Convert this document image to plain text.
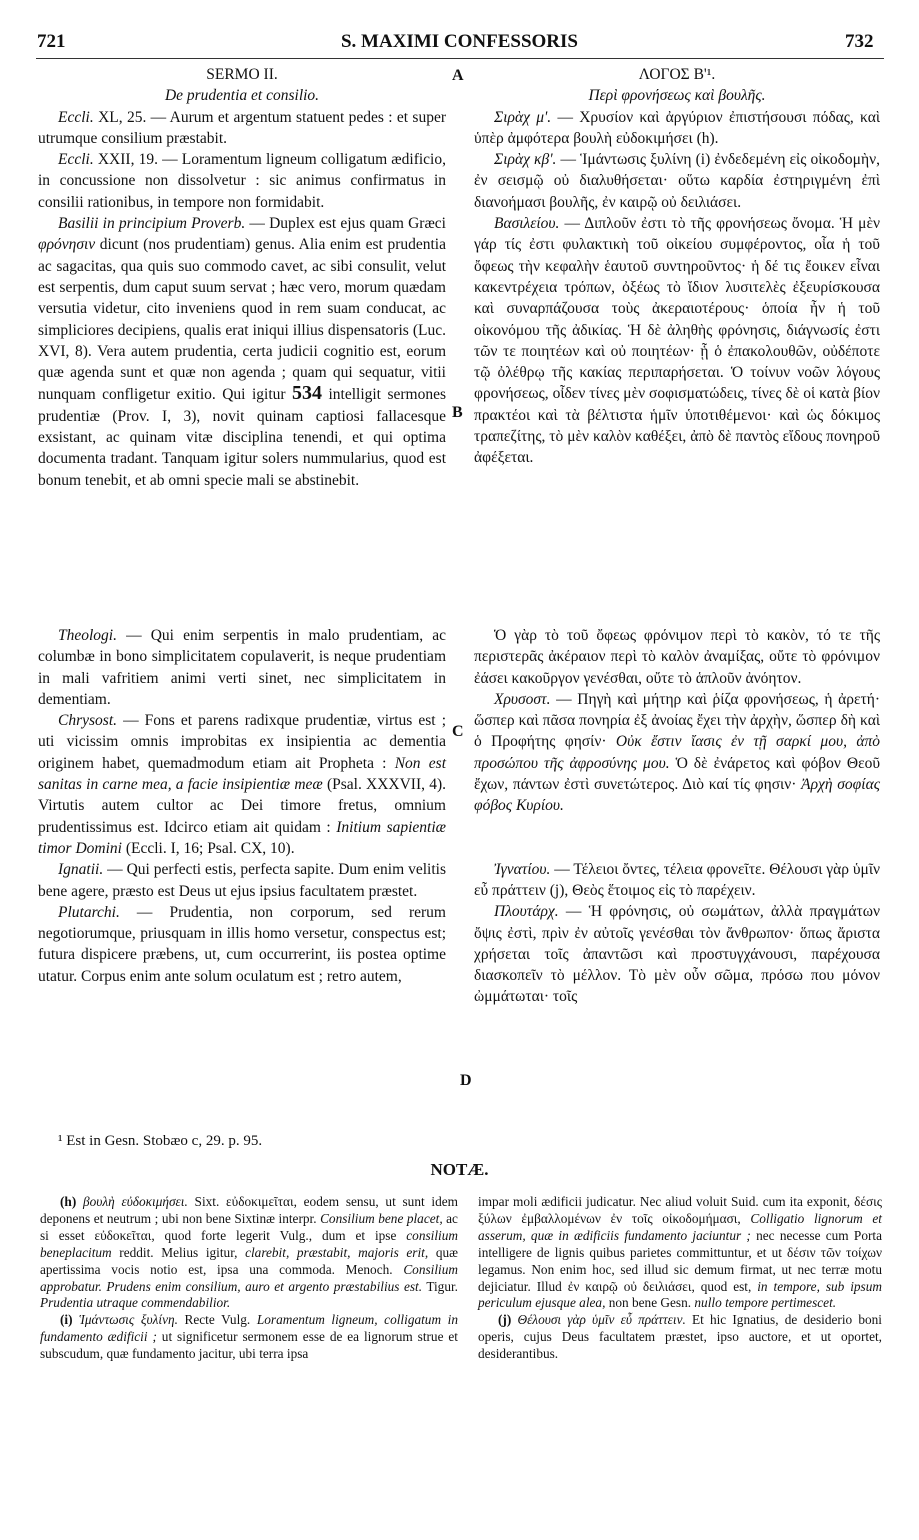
721	S. MAXIMI CONFESSORIS	732
A
B
C
D

SERMO II.

De prudentia et consilio.

Eccli. XL, 25. — Aurum et argentum statuent pedes : et super utrumque consilium præstabit.

Eccli. XXII, 19. — Loramentum ligneum colligatum ædificio, in concussione non dissolvetur : sic animus confirmatus in consilii rationibus, in tempore non formidabit.

Basilii in principium Proverb. — Duplex est ejus quam Græci φρόνησιν dicunt (nos prudentiam) genus. Alia enim est prudentia ac sagacitas, qua quis suo commodo cavet, ac sibi consulit, velut est serpentis, dum caput suum servat ; hæc vero, morum quædam versutia videtur, cito inveniens quod in rem suam conducat, ac simpliciores decipiens, qualis erat iniqui illius dispensatoris (Luc. XVI, 8). Vera autem prudentia, certa judicii cognitio est, eorum quæ agenda sunt et quæ non agenda ; quam qui sequatur, vitii nunquam confligetur exitio. Qui igitur 534 intelligit sermones prudentiæ (Prov. I, 3), novit quinam captiosi fallacesque exsistant, ac quinam vitæ disciplina tenendi, et qui optima documenta tradant. Tanquam igitur solers nummularius, quod est bonum tenebit, et ab omni specie mali se abstinebit.

ΛΟΓΟΣ Β'¹.

Περὶ φρονήσεως καὶ βουλῆς.

Σιρὰχ μ'. — Χρυσίον καὶ ἀργύριον ἐπιστήσουσι πόδας, καὶ ὑπὲρ ἀμφότερα βουλὴ εὐδοκιμήσει (h).

Σιρὰχ κβ'. — Ἱμάντωσις ξυλίνη (i) ἐνδεδεμένη εἰς οἰκοδομὴν, ἐν σεισμῷ οὐ διαλυθήσεται· οὕτω καρδία ἐστηριγμένη ἐπὶ διανοήμασι βουλῆς, ἐν καιρῷ οὐ δειλιάσει.

Βασιλείου. — Διπλοῦν ἐστι τὸ τῆς φρονήσεως ὄνομα. Ἡ μὲν γάρ τίς ἐστι φυλακτικὴ τοῦ οἰκείου συμφέροντος, οἷα ἡ τοῦ ὄφεως τὴν κεφαλὴν ἑαυτοῦ συντηροῦντος· ἡ δέ τις ἔοικεν εἶναι κακεντρέχεια τρόπων, ὀξέως τὸ ἴδιον λυσιτελὲς ἐξευρίσκουσα καὶ συναρπάζουσα τοὺς ἀκεραιοτέρους· ὁποία ἦν ἡ τοῦ οἰκονόμου τῆς ἀδικίας. Ἡ δὲ ἀληθὴς φρόνησις, διάγνωσίς ἐστι τῶν τε ποιητέων καὶ οὐ ποιητέων· ᾗ ὁ ἐπακολουθῶν, οὐδέποτε τῷ ὀλέθρῳ τῆς κακίας περιπαρήσεται. Ὁ τοίνυν νοῶν λόγους φρονήσεως, οἶδεν τίνες μὲν σοφισματώδεις, τίνες δὲ οἱ κατὰ βίον πρακτέοι καὶ τὰ βέλτιστα ἡμῖν ὑποτιθέμενοι· καὶ ὡς δόκιμος τραπεζίτης, τὸ μὲν καλὸν καθέξει, ἀπὸ δὲ παντὸς εἴδους πονηροῦ ἀφέξεται.

Theologi. — Qui enim serpentis in malo prudentiam, ac columbæ in bono simplicitatem copulaverit, is neque prudentiam in mali vafritiem animi verti sinet, nec simplicitatem in dementiam.

Chrysost. — Fons et parens radixque prudentiæ, virtus est ; uti vicissim omnis improbitas ex insipientia ac dementia originem habet, quemadmodum etiam ait Propheta : Non est sanitas in carne mea, a facie insipientiæ meæ (Psal. XXXVII, 4). Virtutis autem cultor ac Dei timore fretus, omnium prudentissimus est. Idcirco etiam ait quidam : Initium sapientiæ timor Domini (Eccli. I, 16; Psal. CX, 10).

Ignatii. — Qui perfecti estis, perfecta sapite. Dum enim velitis bene agere, præsto est Deus ut ejus ipsius facultatem præstet.

Plutarchi. — Prudentia, non corporum, sed rerum negotiorumque, priusquam in illis homo versetur, conspectus est; futura dispicere præbens, ut, cum occurrerint, iis postea optime utatur. Corpus enim ante solum oculatum est ; retro autem,

Ὁ γὰρ τὸ τοῦ ὄφεως φρόνιμον περὶ τὸ κακὸν, τό τε τῆς περιστερᾶς ἀκέραιον περὶ τὸ καλὸν ἀναμίξας, οὔτε τὸ φρόνιμον ἐάσει κακοῦργον γενέσθαι, οὔτε τὸ ἁπλοῦν ἀνόητον.

Χρυσοστ. — Πηγὴ καὶ μήτηρ καὶ ῥίζα φρονήσεως, ἡ ἀρετή· ὥσπερ καὶ πᾶσα πονηρία ἐξ ἀνοίας ἔχει τὴν ἀρχὴν, ὥσπερ δὴ καὶ ὁ Προφήτης φησίν· Οὐκ ἔστιν ἴασις ἐν τῇ σαρκί μου, ἀπὸ προσώπου τῆς ἀφροσύνης μου. Ὁ δὲ ἐνάρετος καὶ φόβον Θεοῦ ἔχων, πάντων ἐστὶ συνετώτερος. Διὸ καί τίς φησιν· Ἀρχὴ σοφίας φόβος Κυρίου.

Ἰγνατίου. — Τέλειοι ὄντες, τέλεια φρονεῖτε. Θέλουσι γὰρ ὑμῖν εὖ πράττειν (j), Θεὸς ἕτοιμος εἰς τὸ παρέχειν.

Πλουτάρχ. — Ἡ φρόνησις, οὐ σωμάτων, ἀλλὰ πραγμάτων ὄψις ἐστὶ, πρὶν ἐν αὐτοῖς γενέσθαι τὸν ἄνθρωπον· ὅπως ἄριστα χρήσεται τοῖς ἀπαντῶσι καὶ προστυγχάνουσι, παρέχουσα διασκοπεῖν τὸ μέλλον. Τὸ μὲν οὖν σῶμα, πρόσω που μόνον ὠμμάτωται· τοῖς

¹ Est in Gesn. Stobæo c, 29. p. 95.
NOTÆ.

(h) βουλὴ εὐδοκιμήσει. Sixt. εὐδοκιμεῖται, eodem sensu, ut sunt idem deponens et neutrum ; ubi non bene Sixtinæ interpr. Consilium bene placet, ac si esset εὐδοκεῖται, quod forte legerit Vulg., dum et ipse consilium beneplacitum reddit. Melius igitur, clarebit, præstabit, majoris erit, quæ apertissima vocis notio est, ipsa una commoda. Menoch. Consilium approbatur. Prudens enim consilium, auro et argento præstabilius est. Tigur. Prudentia utraque commendabilior.

(i) Ἱμάντωσις ξυλίνη. Recte Vulg. Loramentum ligneum, colligatum in fundamento ædificii ; ut significetur sermonem esse de ea lignorum strue et subscudum, quæ fundamento jacitur, ubi terra ipsa

impar moli ædificii judicatur. Nec aliud voluit Suid. cum ita exponit, δέσις ξύλων ἐμβαλλομένων ἐν τοῖς οἰκοδομήμασι, Colligatio lignorum et asserum, quæ in ædificiis fundamento jaciuntur ; nec necesse cum Porta intelligere de lignis quibus parietes committuntur, et ut δέσιν τῶν τοίχων legamus. Non enim hoc, sed illud sic demum firmat, ut nec terræ motu dejiciatur. Illud ἐν καιρῷ οὐ δειλιάσει, quod est, in tempore, sub ipsum periculum ejusque alea, non bene Gesn. nullo tempore pertimescet.

(j) Θέλουσι γὰρ ὑμῖν εὖ πράττειν. Et hic Ignatius, de desiderio boni operis, cujus Deus facultatem præstet, ipso auctore, et ut oportet, desiderantibus.
